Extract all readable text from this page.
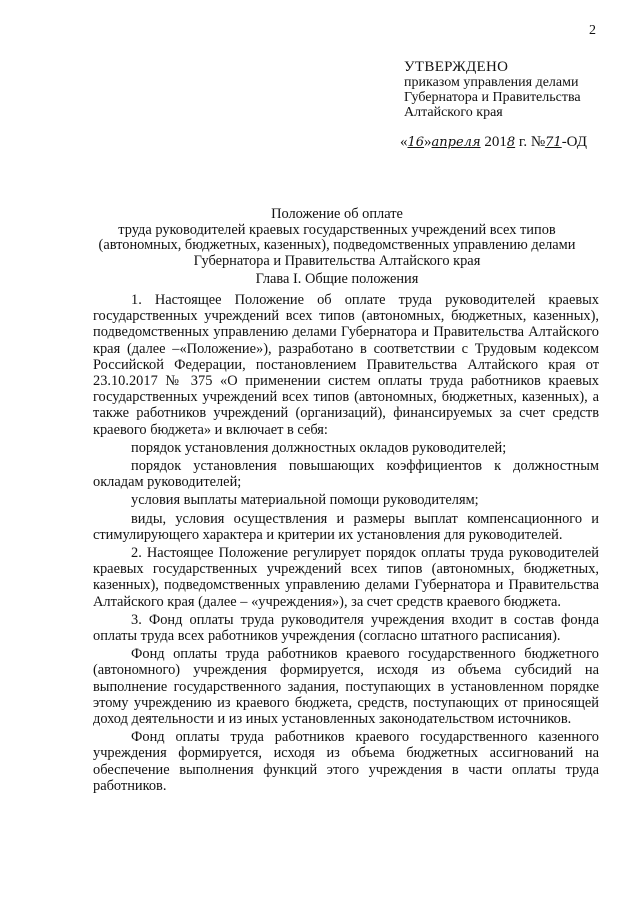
2
УТВЕРЖДЕНО
приказом управления делами
Губернатора и Правительства
Алтайского края
«16»апреля 2018 г. №71-ОД
Положение об оплате
труда руководителей краевых государственных учреждений всех типов (автономных, бюджетных, казенных), подведомственных управлению делами Губернатора и Правительства Алтайского края
Глава I. Общие положения

1. Настоящее Положение об оплате труда руководителей краевых государственных учреждений всех типов (автономных, бюджетных, казенных), подведомственных управлению делами Губернатора и Правительства Алтайского края (далее –«Положение»), разработано в соответствии с Трудовым кодексом Российской Федерации, постановлением Правительства Алтайского края от 23.10.2017 № 375 «О применении систем оплаты труда работников краевых государственных учреждений всех типов (автономных, бюджетных, казенных), а также работников учреждений (организаций), финансируемых за счет средств краевого бюджета» и включает в себя:

порядок установления должностных окладов руководителей;

порядок установления повышающих коэффициентов к должностным окладам руководителей;

условия выплаты материальной помощи руководителям;

виды, условия осуществления и размеры выплат компенсационного и стимулирующего характера и критерии их установления для руководителей.

2. Настоящее Положение регулирует порядок оплаты труда руководителей краевых государственных учреждений всех типов (автономных, бюджетных, казенных), подведомственных управлению делами Губернатора и Правительства Алтайского края (далее – «учреждения»), за счет средств краевого бюджета.

3. Фонд оплаты труда руководителя учреждения входит в состав фонда оплаты труда всех работников учреждения (согласно штатного расписания).

Фонд оплаты труда работников краевого государственного бюджетного (автономного) учреждения формируется, исходя из объема субсидий на выполнение государственного задания, поступающих в установленном порядке этому учреждению из краевого бюджета, средств, поступающих от приносящей доход деятельности и из иных установленных законодательством источников.

Фонд оплаты труда работников краевого государственного казенного учреждения формируется, исходя из объема бюджетных ассигнований на обеспечение выполнения функций этого учреждения в части оплаты труда работников.
